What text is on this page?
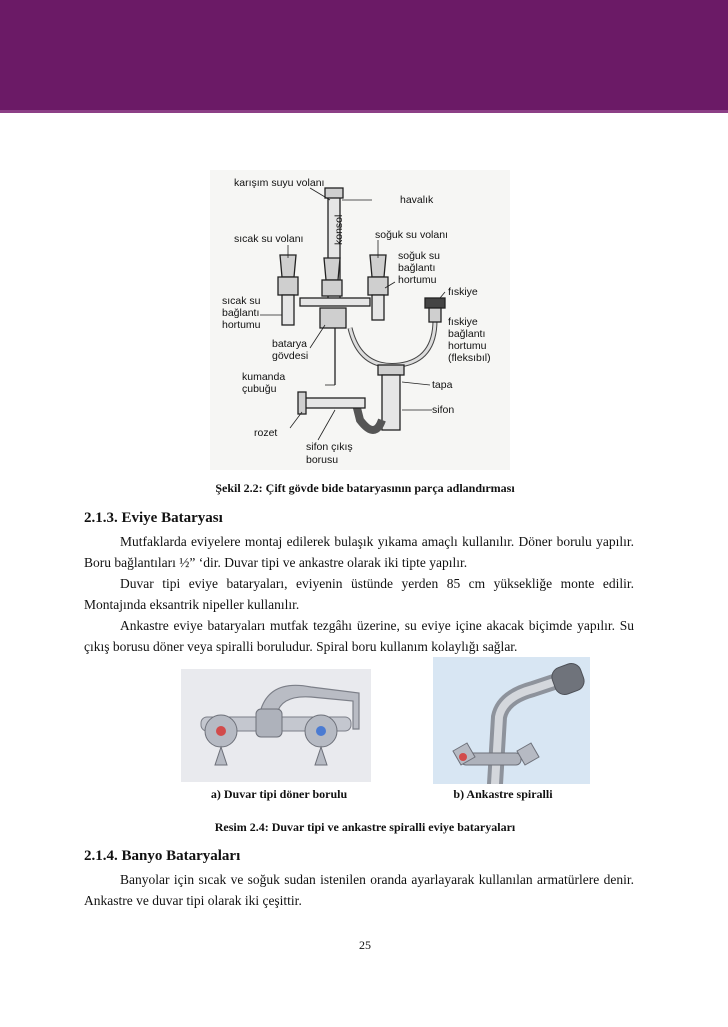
karışım suyu volanı
havalık
konsol	soğuk su volanı
sıcak su volanı
soğuk su
bağlantı
hortumu
fıskiye
sıcak su
bağlantı
hortumu	fıskiye
bağlantı
hortumu
(fleksıbıl)
batarya
gövdesi
kumanda
çubuğu	tapa
sifon
rozet
sifon çıkış
borusu
Şekil 2.2: Çift gövde bide bataryasının parça adlandırması
2.1.3. Eviye Bataryası

Mutfaklarda eviyelere montaj edilerek bulaşık yıkama amaçlı kullanılır. Döner borulu yapılır. Boru bağlantıları ½” ‘dir. Duvar tipi ve ankastre olarak iki tipte yapılır.

Duvar tipi eviye bataryaları, eviyenin üstünde yerden 85 cm yüksekliğe monte edilir. Montajında eksantrik nipeller kullanılır.

Ankastre eviye bataryaları mutfak tezgâhı üzerine, su eviye içine akacak biçimde yapılır. Su çıkış borusu döner veya spiralli boruludur. Spiral boru kullanım kolaylığı sağlar.

a) Duvar tipi döner borulu	b) Ankastre spiralli
Resim 2.4: Duvar tipi ve ankastre spiralli eviye bataryaları
2.1.4. Banyo Bataryaları

Banyolar için sıcak ve soğuk sudan istenilen oranda ayarlayarak kullanılan armatürlere denir. Ankastre ve duvar tipi olarak iki çeşittir.

25
